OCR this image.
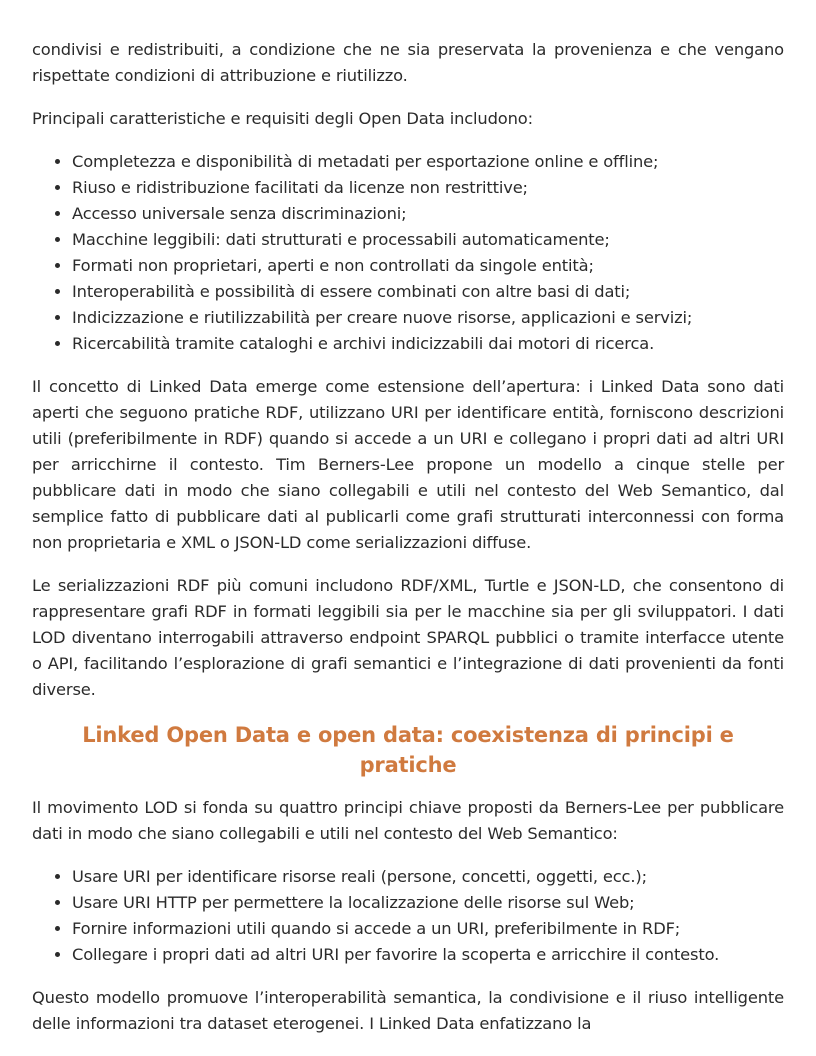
condivisi e redistribuiti, a condizione che ne sia preservata la provenienza e che vengano rispettate condizioni di attribuzione e riutilizzo.

Principali caratteristiche e requisiti degli Open Data includono:

• Completezza e disponibilità di metadati per esportazione online e offline;
• Riuso e ridistribuzione facilitati da licenze non restrittive;
• Accesso universale senza discriminazioni;
• Macchine leggibili: dati strutturati e processabili automaticamente;
• Formati non proprietari, aperti e non controllati da singole entità;
• Interoperabilità e possibilità di essere combinati con altre basi di dati;
• Indicizzazione e riutilizzabilità per creare nuove risorse, applicazioni e servizi;
• Ricercabilità tramite cataloghi e archivi indicizzabili dai motori di ricerca.

Il concetto di Linked Data emerge come estensione dell’apertura: i Linked Data sono dati aperti che seguono pratiche RDF, utilizzano URI per identificare entità, forniscono descrizioni utili (preferibilmente in RDF) quando si accede a un URI e collegano i propri dati ad altri URI per arricchirne il contesto. Tim Berners-Lee propone un modello a cinque stelle per pubblicare dati in modo che siano collegabili e utili nel contesto del Web Semantico, dal semplice fatto di pubblicare dati al publicarli come grafi strutturati interconnessi con forma non proprietaria e XML o JSON-LD come serializzazioni diffuse.

Le serializzazioni RDF più comuni includono RDF/XML, Turtle e JSON-LD, che consentono di rappresentare grafi RDF in formati leggibili sia per le macchine sia per gli sviluppatori. I dati LOD diventano interrogabili attraverso endpoint SPARQL pubblici o tramite interfacce utente o API, facilitando l’esplorazione di grafi semantici e l’integrazione di dati provenienti da fonti diverse.

Linked Open Data e open data: coexistenza di principi e pratiche

Il movimento LOD si fonda su quattro principi chiave proposti da Berners-Lee per pubblicare dati in modo che siano collegabili e utili nel contesto del Web Semantico:

• Usare URI per identificare risorse reali (persone, concetti, oggetti, ecc.);
• Usare URI HTTP per permettere la localizzazione delle risorse sul Web;
• Fornire informazioni utili quando si accede a un URI, preferibilmente in RDF;
• Collegare i propri dati ad altri URI per favorire la scoperta e arricchire il contesto.

Questo modello promuove l’interoperabilità semantica, la condivisione e il riuso intelligente delle informazioni tra dataset eterogenei. I Linked Data enfatizzano la
